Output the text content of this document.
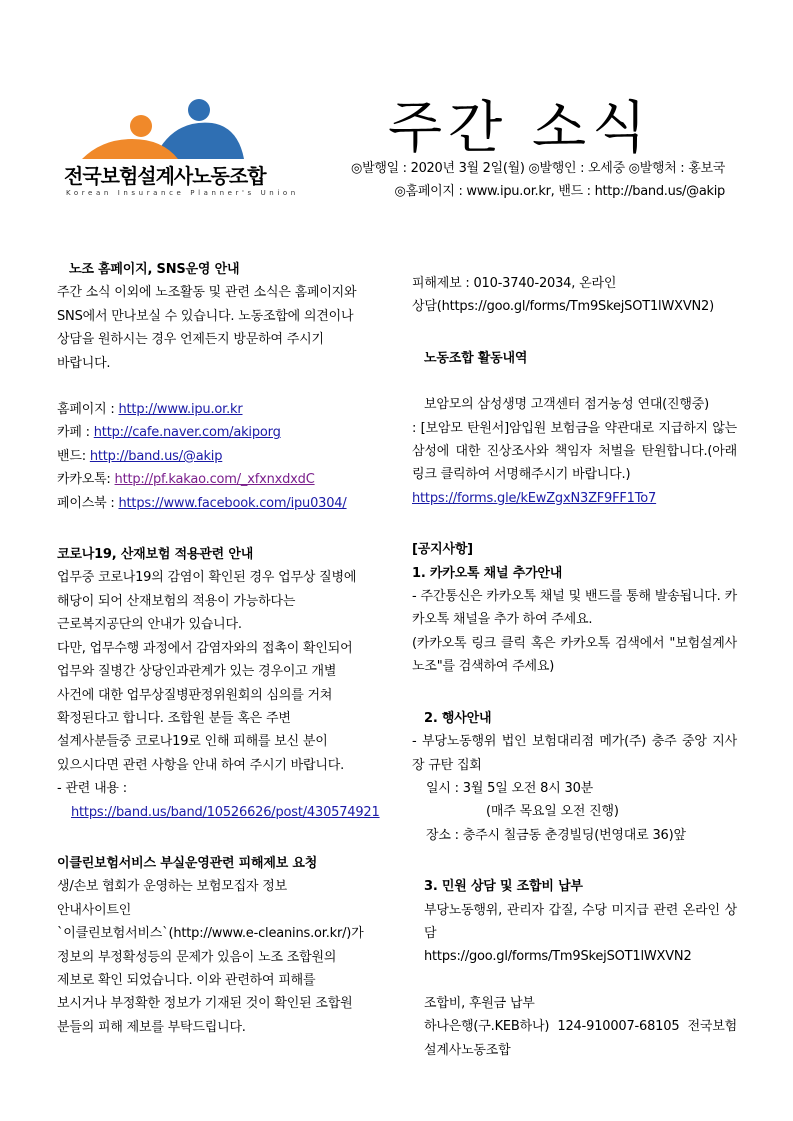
전국보험설계사노동조합
Korean Insurance Planner's Union
주간 소식
◎발행일 : 2020년 3월 2일(월) ◎발행인 : 오세중 ◎발행처 : 홍보국
◎홈페이지 : www.ipu.or.kr, 밴드 : http://band.us/@akip

노조 홈페이지, SNS운영 안내

주간 소식 이외에 노조활동 및 관련 소식은 홈페이지와

SNS에서 만나보실 수 있습니다. 노동조합에 의견이나

상담을 원하시는 경우 언제든지 방문하여 주시기

바랍니다.

홈페이지 : http://www.ipu.or.kr

카페 : http://cafe.naver.com/akiporg

밴드: http://band.us/@akip

카카오톡: http://pf.kakao.com/_xfxnxdxdC

페이스북 : https://www.facebook.com/ipu0304/

코로나19, 산재보험 적용관련 안내

업무중 코로나19의 감염이 확인된 경우 업무상 질병에

해당이 되어 산재보험의 적용이 가능하다는

근로복지공단의 안내가 있습니다.

다만, 업무수행 과정에서 감염자와의 접촉이 확인되어

업무와 질병간 상당인과관계가 있는 경우이고 개별

사건에 대한 업무상질병판정위원회의 심의를 거쳐

확정된다고 합니다. 조합원 분들 혹은 주변

설계사분들중 코로나19로 인해 피해를 보신 분이

있으시다면 관련 사항을 안내 하여 주시기 바랍니다.

- 관련 내용 :

https://band.us/band/10526626/post/430574921

이클린보험서비스 부실운영관련 피해제보 요청

생/손보 협회가 운영하는 보험모집자 정보

안내사이트인

`이클린보험서비스`(http://www.e-cleanins.or.kr/)가

정보의 부정확성등의 문제가 있음이 노조 조합원의

제보로 확인 되었습니다. 이와 관련하여 피해를

보시거나 부정확한 정보가 기재된 것이 확인된 조합원

분들의 피해 제보를 부탁드립니다.

피해제보 : 010-3740-2034, 온라인

상담(https://goo.gl/forms/Tm9SkejSOT1lWXVN2)

노동조합 활동내역

보암모의 삼성생명 고객센터 점거농성 연대(진행중)

: [보암모 탄원서]암입원 보험금을 약관대로 지급하지 않는 삼성에 대한 진상조사와 책임자 처벌을 탄원합니다.(아래 링크 클릭하여 서명해주시기 바랍니다.)

https://forms.gle/kEwZgxN3ZF9FF1To7

[공지사항]

1. 카카오톡 채널 추가안내

- 주간통신은 카카오톡 채널 및 밴드를 통해 발송됩니다. 카카오톡 채널을 추가 하여 주세요.

(카카오톡 링크 클릭 혹은 카카오톡 검색에서 "보험설계사노조"를 검색하여 주세요)

2. 행사안내

- 부당노동행위 법인 보험대리점 메가(주) 충주 중앙 지사장 규탄 집회

일시 : 3월 5일 오전 8시 30분

(매주 목요일 오전 진행)

장소 : 충주시 칠금동 춘경빌딩(번영대로 36)앞

3. 민원 상담 및 조합비 납부

부당노동행위, 관리자 갑질, 수당 미지급 관련 온라인 상담

https://goo.gl/forms/Tm9SkejSOT1lWXVN2

조합비, 후원금 납부

하나은행(구.KEB하나) 124-910007-68105 전국보험설계사노동조합
